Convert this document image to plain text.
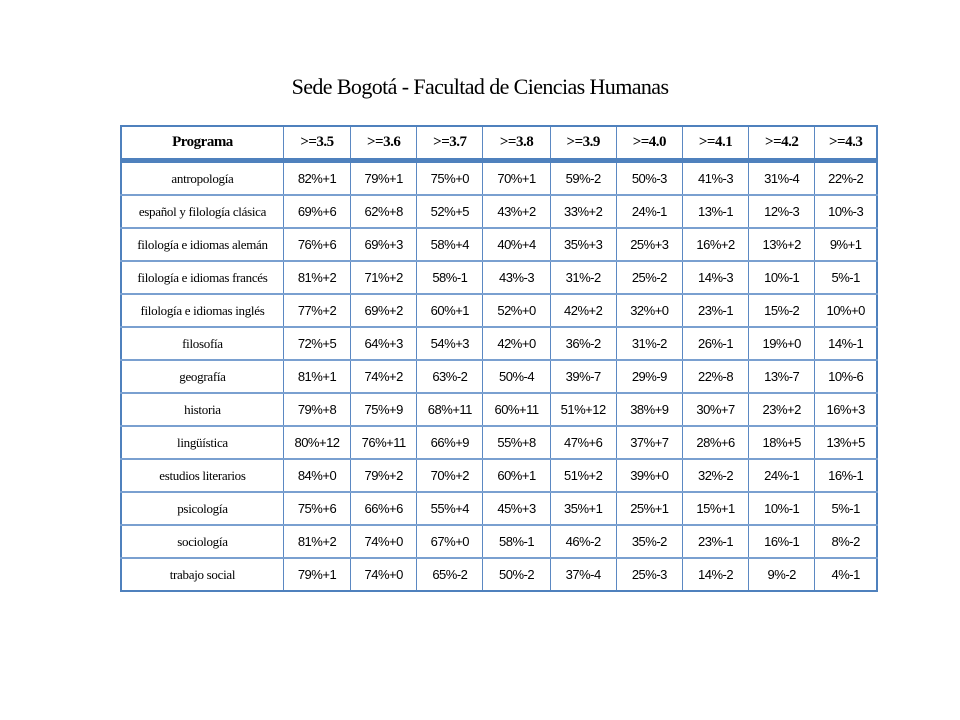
Sede Bogotá - Facultad de Ciencias Humanas
Programa	>=3.5	>=3.6	>=3.7	>=3.8	>=3.9	>=4.0	>=4.1	>=4.2	>=4.3
antropología	82%+1	79%+1	75%+0	70%+1	59%-2	50%-3	41%-3	31%-4	22%-2
español y filología clásica	69%+6	62%+8	52%+5	43%+2	33%+2	24%-1	13%-1	12%-3	10%-3
filología e idiomas alemán	76%+6	69%+3	58%+4	40%+4	35%+3	25%+3	16%+2	13%+2	9%+1
filología e idiomas francés	81%+2	71%+2	58%-1	43%-3	31%-2	25%-2	14%-3	10%-1	5%-1
filología e idiomas inglés	77%+2	69%+2	60%+1	52%+0	42%+2	32%+0	23%-1	15%-2	10%+0
filosofía	72%+5	64%+3	54%+3	42%+0	36%-2	31%-2	26%-1	19%+0	14%-1
geografía	81%+1	74%+2	63%-2	50%-4	39%-7	29%-9	22%-8	13%-7	10%-6
historia	79%+8	75%+9	68%+11	60%+11	51%+12	38%+9	30%+7	23%+2	16%+3
lingüística	80%+12	76%+11	66%+9	55%+8	47%+6	37%+7	28%+6	18%+5	13%+5
estudios literarios	84%+0	79%+2	70%+2	60%+1	51%+2	39%+0	32%-2	24%-1	16%-1
psicología	75%+6	66%+6	55%+4	45%+3	35%+1	25%+1	15%+1	10%-1	5%-1
sociología	81%+2	74%+0	67%+0	58%-1	46%-2	35%-2	23%-1	16%-1	8%-2
trabajo social	79%+1	74%+0	65%-2	50%-2	37%-4	25%-3	14%-2	9%-2	4%-1
